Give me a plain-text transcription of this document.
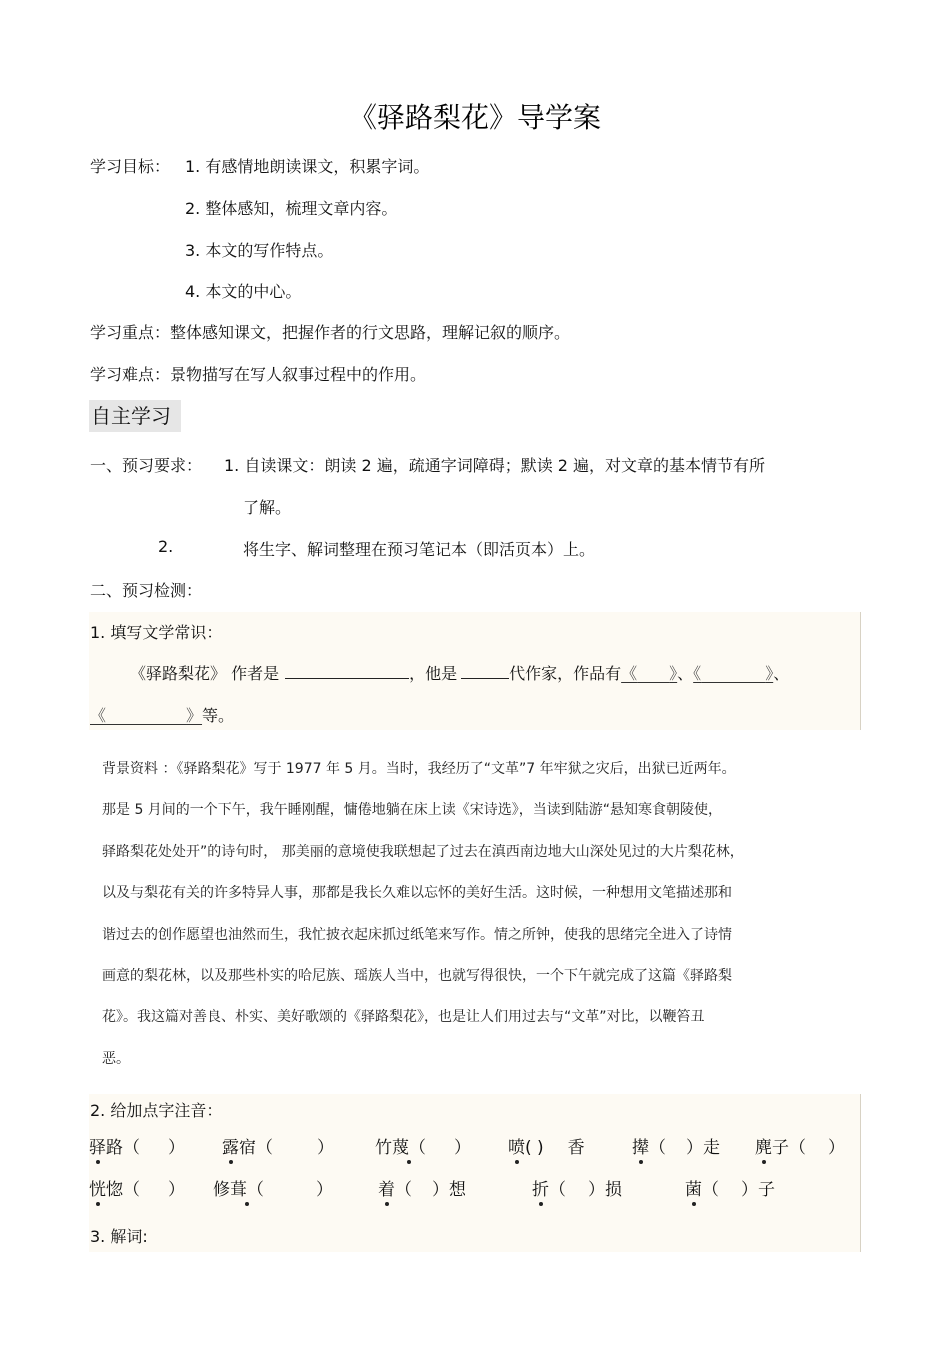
《驿路梨花》导学案
学习目标： 1. 有感情地朗读课文，积累字词。
2. 整体感知，梳理文章内容。
3. 本文的写作特点。
4. 本文的中心。
学习重点：整体感知课文，把握作者的行文思路，理解记叙的顺序。
学习难点：景物描写在写人叙事过程中的作用。
自主学习
一、预习要求： 1. 自读课文：朗读 2 遍，疏通字词障碍；默读 2 遍，对文章的基本情节有所
了解。
2.	将生字、解词整理在预习笔记本（即活页本）上。
二、预习检测：
1. 填写文学常识：
《驿路梨花》 作者是	，他是	代作家，作品有《   》、《    	》、
《     	》等。
背景资料 ：《驿路梨花》写于 1977 年 5 月。当时，我经历了“文革”7 年牢狱之灾后，出狱已近两年。
那是 5 月间的一个下午，我午睡刚醒，慵倦地躺在床上读《宋诗选》，当读到陆游“悬知寒食朝陵使，
驿路梨花处处开”的诗句时， 那美丽的意境使我联想起了过去在滇西南边地大山深处见过的大片梨花林，
以及与梨花有关的许多特异人事，那都是我长久难以忘怀的美好生活。这时候，一种想用文笔描述那和
谐过去的创作愿望也油然而生，我忙披衣起床抓过纸笔来写作。情之所钟，使我的思绪完全进入了诗情
画意的梨花林，以及那些朴实的哈尼族、瑶族人当中，也就写得很快，一个下午就完成了这篇《驿路梨
花》。我这篇对善良、朴实、美好歌颂的《驿路梨花》，也是让人们用过去与“文革”对比，以鞭笞丑
恶。
2. 给加点字注音：
驿路（ ） 露宿（	） 竹蔑（ ） 喷( ) 香	撵（ ）走 麂子（ ）
恍惚（ ） 修葺（	）	着（ ）想	折（ ）损	菌（ ）子
3. 解词:
